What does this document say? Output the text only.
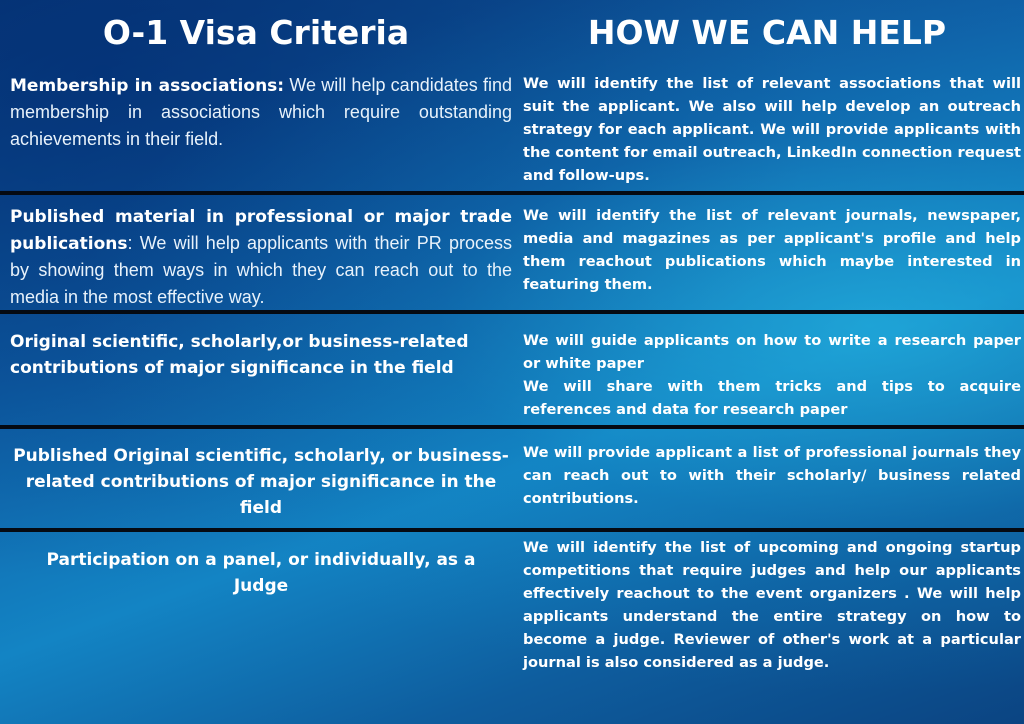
O-1 Visa Criteria	HOW WE CAN HELP
Membership in associations: We will help candidates find membership in associations which require outstanding achievements in their field.
We will identify the list of relevant associations that will suit the applicant. We also will help develop an outreach strategy for each applicant. We will provide applicants with the content for email outreach, LinkedIn connection request and follow-ups.
Published material in professional or major trade publications: We will help applicants with their PR process by showing them ways in which they can reach out to the media in the most effective way.
We will identify the list of relevant journals, newspaper, media and magazines as per applicant's profile and help them reachout publications which maybe interested in featuring them.
Original scientific, scholarly,or business-related contributions of major significance in the field
We will guide applicants on how to write a research paper or white paper
We will share with them tricks and tips to acquire references and data for research paper
Published Original scientific, scholarly, or business-related contributions of major significance in the field
We will provide applicant a list of professional journals they can reach out to with their scholarly/ business related contributions.
Participation on a panel, or individually, as a Judge
We will identify the list of upcoming and ongoing startup competitions that require judges and help our applicants effectively reachout to the event organizers . We will help applicants understand the entire strategy on how to become a judge. Reviewer of other's work at a particular journal is also considered as a judge.
